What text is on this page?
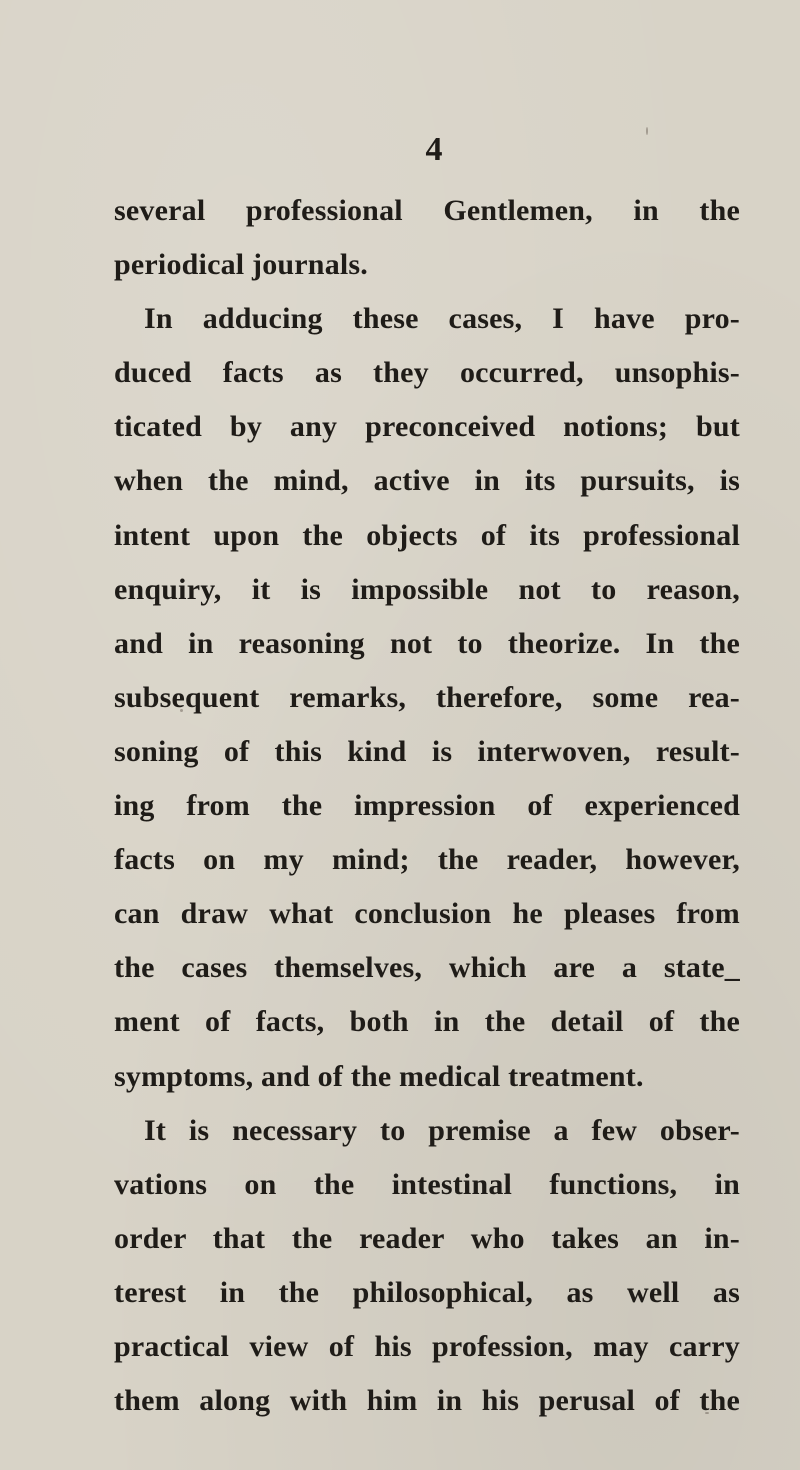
4
several professional Gentlemen, in the
periodical journals.
In adducing these cases, I have pro-
duced facts as they occurred, unsophis-
ticated by any preconceived notions; but
when the mind, active in its pursuits, is
intent upon the objects of its professional
enquiry, it is impossible not to reason,
and in reasoning not to theorize. In the
subsequent remarks, therefore, some rea-
soning of this kind is interwoven, result-
ing from the impression of experienced
facts on my mind; the reader, however,
can draw what conclusion he pleases from
the cases themselves, which are a state_
ment of facts, both in the detail of the
symptoms, and of the medical treatment.
It is necessary to premise a few obser-
vations on the intestinal functions, in
order that the reader who takes an in-
terest in the philosophical, as well as
practical view of his profession, may carry
them along with him in his perusal of the
